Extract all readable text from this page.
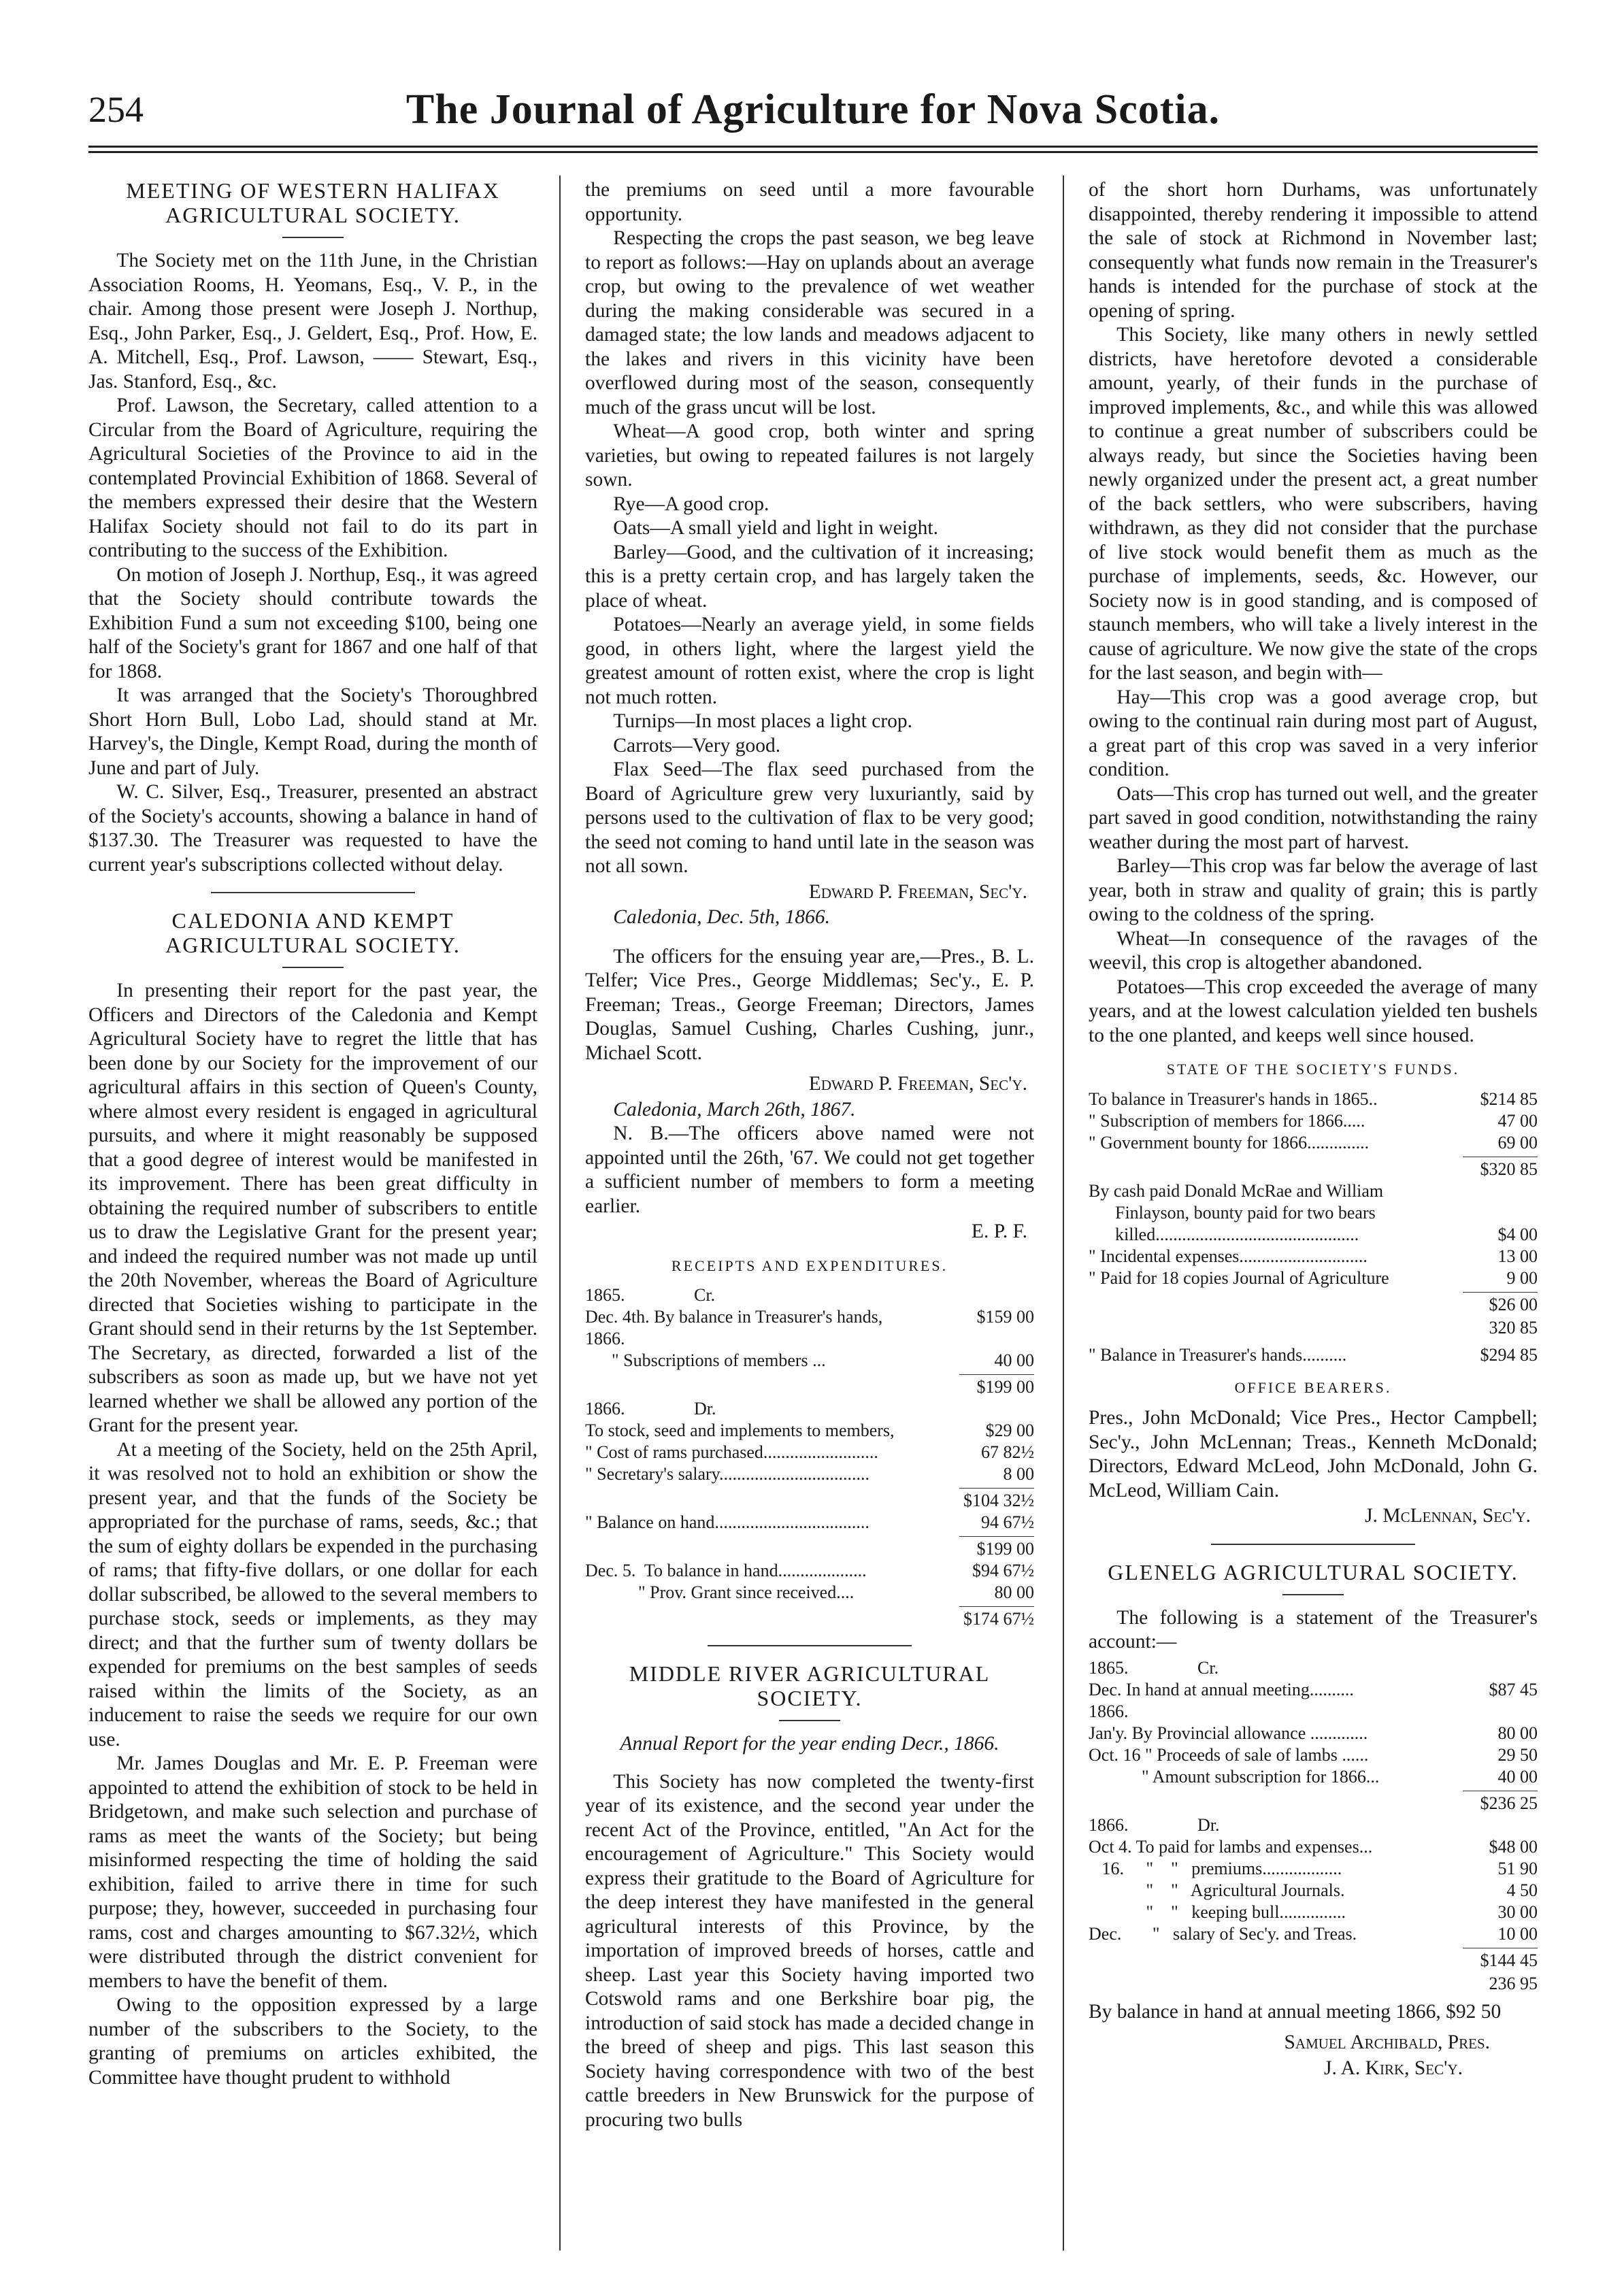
254	The Journal of Agriculture for Nova Scotia.
MEETING OF WESTERN HALIFAX AGRICULTURAL SOCIETY.

The Society met on the 11th June, in the Christian Association Rooms, H. Yeomans, Esq., V. P., in the chair. Among those present were Joseph J. Northup, Esq., John Parker, Esq., J. Geldert, Esq., Prof. How, E. A. Mitchell, Esq., Prof. Lawson, —— Stewart, Esq., Jas. Stanford, Esq., &c.

Prof. Lawson, the Secretary, called attention to a Circular from the Board of Agriculture, requiring the Agricultural Societies of the Province to aid in the contemplated Provincial Exhibition of 1868. Several of the members expressed their desire that the Western Halifax Society should not fail to do its part in contributing to the success of the Exhibition.

On motion of Joseph J. Northup, Esq., it was agreed that the Society should contribute towards the Exhibition Fund a sum not exceeding $100, being one half of the Society's grant for 1867 and one half of that for 1868.

It was arranged that the Society's Thoroughbred Short Horn Bull, Lobo Lad, should stand at Mr. Harvey's, the Dingle, Kempt Road, during the month of June and part of July.

W. C. Silver, Esq., Treasurer, presented an abstract of the Society's accounts, showing a balance in hand of $137.30. The Treasurer was requested to have the current year's subscriptions collected without delay.

CALEDONIA AND KEMPT AGRICULTURAL SOCIETY.

In presenting their report for the past year, the Officers and Directors of the Caledonia and Kempt Agricultural Society have to regret the little that has been done by our Society for the improvement of our agricultural affairs in this section of Queen's County, where almost every resident is engaged in agricultural pursuits, and where it might reasonably be supposed that a good degree of interest would be manifested in its improvement. There has been great difficulty in obtaining the required number of subscribers to entitle us to draw the Legislative Grant for the present year; and indeed the required number was not made up until the 20th November, whereas the Board of Agriculture directed that Societies wishing to participate in the Grant should send in their returns by the 1st September. The Secretary, as directed, forwarded a list of the subscribers as soon as made up, but we have not yet learned whether we shall be allowed any portion of the Grant for the present year.

At a meeting of the Society, held on the 25th April, it was resolved not to hold an exhibition or show the present year, and that the funds of the Society be appropriated for the purchase of rams, seeds, &c.; that the sum of eighty dollars be expended in the purchasing of rams; that fifty-five dollars, or one dollar for each dollar subscribed, be allowed to the several members to purchase stock, seeds or implements, as they may direct; and that the further sum of twenty dollars be expended for premiums on the best samples of seeds raised within the limits of the Society, as an inducement to raise the seeds we require for our own use.

Mr. James Douglas and Mr. E. P. Freeman were appointed to attend the exhibition of stock to be held in Bridgetown, and make such selection and purchase of rams as meet the wants of the Society; but being misinformed respecting the time of holding the said exhibition, failed to arrive there in time for such purpose; they, however, succeeded in purchasing four rams, cost and charges amounting to $67.32½, which were distributed through the district convenient for members to have the benefit of them.

Owing to the opposition expressed by a large number of the subscribers to the Society, to the granting of premiums on articles exhibited, the Committee have thought prudent to withhold

the premiums on seed until a more favourable opportunity.

Respecting the crops the past season, we beg leave to report as follows:—Hay on uplands about an average crop, but owing to the prevalence of wet weather during the making considerable was secured in a damaged state; the low lands and meadows adjacent to the lakes and rivers in this vicinity have been overflowed during most of the season, consequently much of the grass uncut will be lost.

Wheat—A good crop, both winter and spring varieties, but owing to repeated failures is not largely sown.

Rye—A good crop.

Oats—A small yield and light in weight.

Barley—Good, and the cultivation of it increasing; this is a pretty certain crop, and has largely taken the place of wheat.

Potatoes—Nearly an average yield, in some fields good, in others light, where the largest yield the greatest amount of rotten exist, where the crop is light not much rotten.

Turnips—In most places a light crop.

Carrots—Very good.

Flax Seed—The flax seed purchased from the Board of Agriculture grew very luxuriantly, said by persons used to the cultivation of flax to be very good; the seed not coming to hand until late in the season was not all sown.

Edward P. Freeman, Sec'y.

Caledonia, Dec. 5th, 1866.

The officers for the ensuing year are,—Pres., B. L. Telfer; Vice Pres., George Middlemas; Sec'y., E. P. Freeman; Treas., George Freeman; Directors, James Douglas, Samuel Cushing, Charles Cushing, junr., Michael Scott.

Edward P. Freeman, Sec'y.

Caledonia, March 26th, 1867.

N. B.—The officers above named were not appointed until the 26th, '67. We could not get together a sufficient number of members to form a meeting earlier.

E. P. F.

RECEIPTS AND EXPENDITURES.
1865.	Cr.
Dec. 4th. By balance in Treasurer's hands,	$159 00
1866.
" Subscriptions of members ...	40 00
$199 00
1866.	Dr.
To stock, seed and implements to members,	$29 00
" Cost of rams purchased..........................	67 82½
" Secretary's salary..................................	8 00
$104 32½
" Balance on hand...................................	94 67½
$199 00
Dec. 5.  To balance in hand....................	$94 67½
" Prov. Grant since received....	80 00
$174 67½
MIDDLE RIVER AGRICULTURAL SOCIETY.

Annual Report for the year ending Decr., 1866.

This Society has now completed the twenty-first year of its existence, and the second year under the recent Act of the Province, entitled, "An Act for the encouragement of Agriculture." This Society would express their gratitude to the Board of Agriculture for the deep interest they have manifested in the general agricultural interests of this Province, by the importation of improved breeds of horses, cattle and sheep. Last year this Society having imported two Cotswold rams and one Berkshire boar pig, the introduction of said stock has made a decided change in the breed of sheep and pigs. This last season this Society having correspondence with two of the best cattle breeders in New Brunswick for the purpose of procuring two bulls

of the short horn Durhams, was unfortunately disappointed, thereby rendering it impossible to attend the sale of stock at Richmond in November last; consequently what funds now remain in the Treasurer's hands is intended for the purchase of stock at the opening of spring.

This Society, like many others in newly settled districts, have heretofore devoted a considerable amount, yearly, of their funds in the purchase of improved implements, &c., and while this was allowed to continue a great number of subscribers could be always ready, but since the Societies having been newly organized under the present act, a great number of the back settlers, who were subscribers, having withdrawn, as they did not consider that the purchase of live stock would benefit them as much as the purchase of implements, seeds, &c. However, our Society now is in good standing, and is composed of staunch members, who will take a lively interest in the cause of agriculture. We now give the state of the crops for the last season, and begin with—

Hay—This crop was a good average crop, but owing to the continual rain during most part of August, a great part of this crop was saved in a very inferior condition.

Oats—This crop has turned out well, and the greater part saved in good condition, notwithstanding the rainy weather during the most part of harvest.

Barley—This crop was far below the average of last year, both in straw and quality of grain; this is partly owing to the coldness of the spring.

Wheat—In consequence of the ravages of the weevil, this crop is altogether abandoned.

Potatoes—This crop exceeded the average of many years, and at the lowest calculation yielded ten bushels to the one planted, and keeps well since housed.

STATE OF THE SOCIETY'S FUNDS.
To balance in Treasurer's hands in 1865..	$214 85
" Subscription of members for 1866.....	47 00
" Government bounty for 1866..............	69 00
$320 85
By cash paid Donald McRae and William
Finlayson, bounty paid for two bears
killed..............................................	$4 00
" Incidental expenses.............................	13 00
" Paid for 18 copies Journal of Agriculture	9 00
$26 00
320 85
" Balance in Treasurer's hands..........	$294 85
OFFICE BEARERS.

Pres., John McDonald; Vice Pres., Hector Campbell; Sec'y., John McLennan; Treas., Kenneth McDonald; Directors, Edward McLeod, John McDonald, John G. McLeod, William Cain.

J. McLennan, Sec'y.

GLENELG AGRICULTURAL SOCIETY.

The following is a statement of the Treasurer's account:—

1865.	Cr.
Dec. In hand at annual meeting..........	$87 45
1866.
Jan'y. By Provincial allowance .............	80 00
Oct. 16 " Proceeds of sale of lambs ......	29 50
" Amount subscription for 1866...	40 00
$236 25
1866.	Dr.
Oct 4. To paid for lambs and expenses...	$48 00
16.     "    "   premiums..................	51 90
"    "   Agricultural Journals.	4 50
"    "   keeping bull...............	30 00
Dec.       "   salary of Sec'y. and Treas.	10 00
$144 45
236 95

By balance in hand at annual meeting 1866, $92 50

Samuel Archibald, Pres.

J. A. Kirk, Sec'y.
